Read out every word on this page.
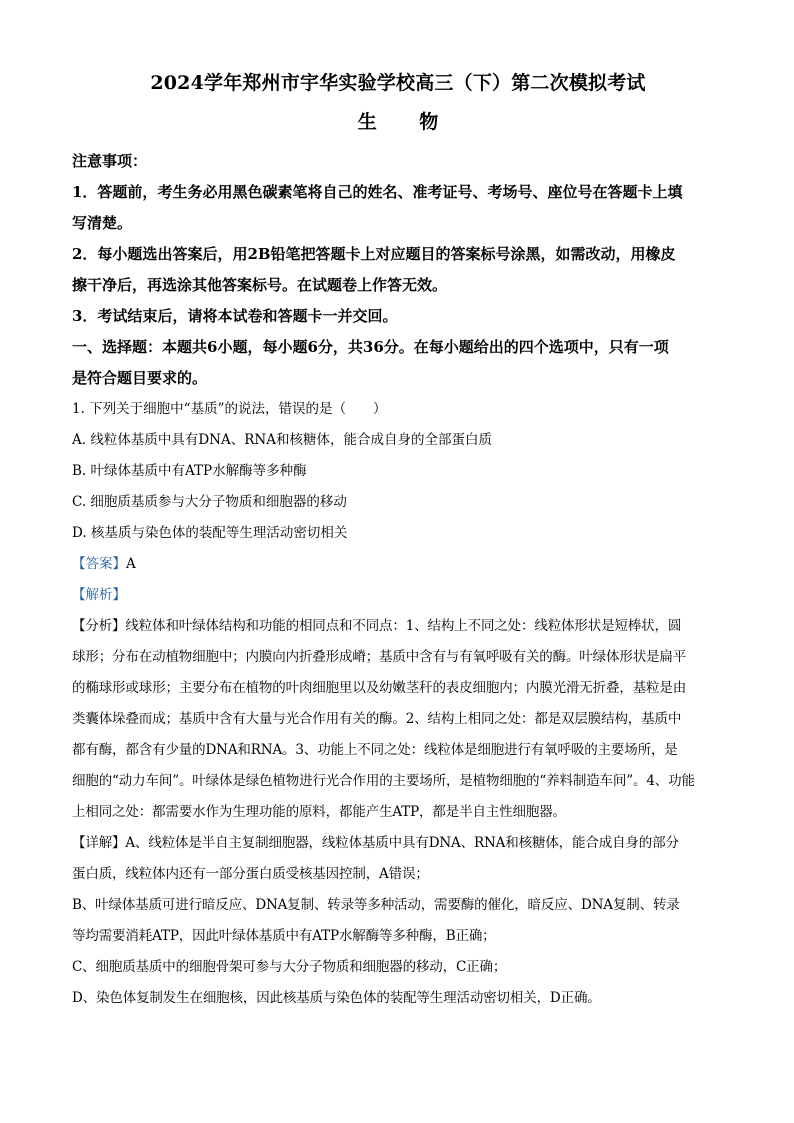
2024学年郑州市宇华实验学校高三（下）第二次模拟考试
生 物
注意事项：
1．答题前，考生务必用黑色碳素笔将自己的姓名、准考证号、考场号、座位号在答题卡上填
写清楚。
2．每小题选出答案后，用2B铅笔把答题卡上对应题目的答案标号涂黑，如需改动，用橡皮
擦干净后，再选涂其他答案标号。在试题卷上作答无效。
3．考试结束后，请将本试卷和答题卡一并交回。
一、选择题：本题共6小题，每小题6分，共36分。在每小题给出的四个选项中，只有一项
是符合题目要求的。
1. 下列关于细胞中“基质”的说法，错误的是（　　）
A. 线粒体基质中具有DNA、RNA和核糖体，能合成自身的全部蛋白质
B. 叶绿体基质中有ATP水解酶等多种酶
C. 细胞质基质参与大分子物质和细胞器的移动
D. 核基质与染色体的装配等生理活动密切相关
【答案】A
【解析】
【分析】线粒体和叶绿体结构和功能的相同点和不同点：1、结构上不同之处：线粒体形状是短棒状，圆
球形；分布在动植物细胞中；内膜向内折叠形成嵴；基质中含有与有氧呼吸有关的酶。叶绿体形状是扁平
的椭球形或球形；主要分布在植物的叶肉细胞里以及幼嫩茎秆的表皮细胞内；内膜光滑无折叠，基粒是由
类囊体垛叠而成；基质中含有大量与光合作用有关的酶。2、结构上相同之处：都是双层膜结构，基质中
都有酶，都含有少量的DNA和RNA。3、功能上不同之处：线粒体是细胞进行有氧呼吸的主要场所，是
细胞的“动力车间”。叶绿体是绿色植物进行光合作用的主要场所，是植物细胞的“养料制造车间”。4、功能
上相同之处：都需要水作为生理功能的原料，都能产生ATP，都是半自主性细胞器。
【详解】A、线粒体是半自主复制细胞器，线粒体基质中具有DNA、RNA和核糖体，能合成自身的部分
蛋白质，线粒体内还有一部分蛋白质受核基因控制，A错误；
B、叶绿体基质可进行暗反应、DNA复制、转录等多种活动，需要酶的催化，暗反应、DNA复制、转录
等均需要消耗ATP，因此叶绿体基质中有ATP水解酶等多种酶，B正确；
C、细胞质基质中的细胞骨架可参与大分子物质和细胞器的移动，C正确；
D、染色体复制发生在细胞核，因此核基质与染色体的装配等生理活动密切相关，D正确。
